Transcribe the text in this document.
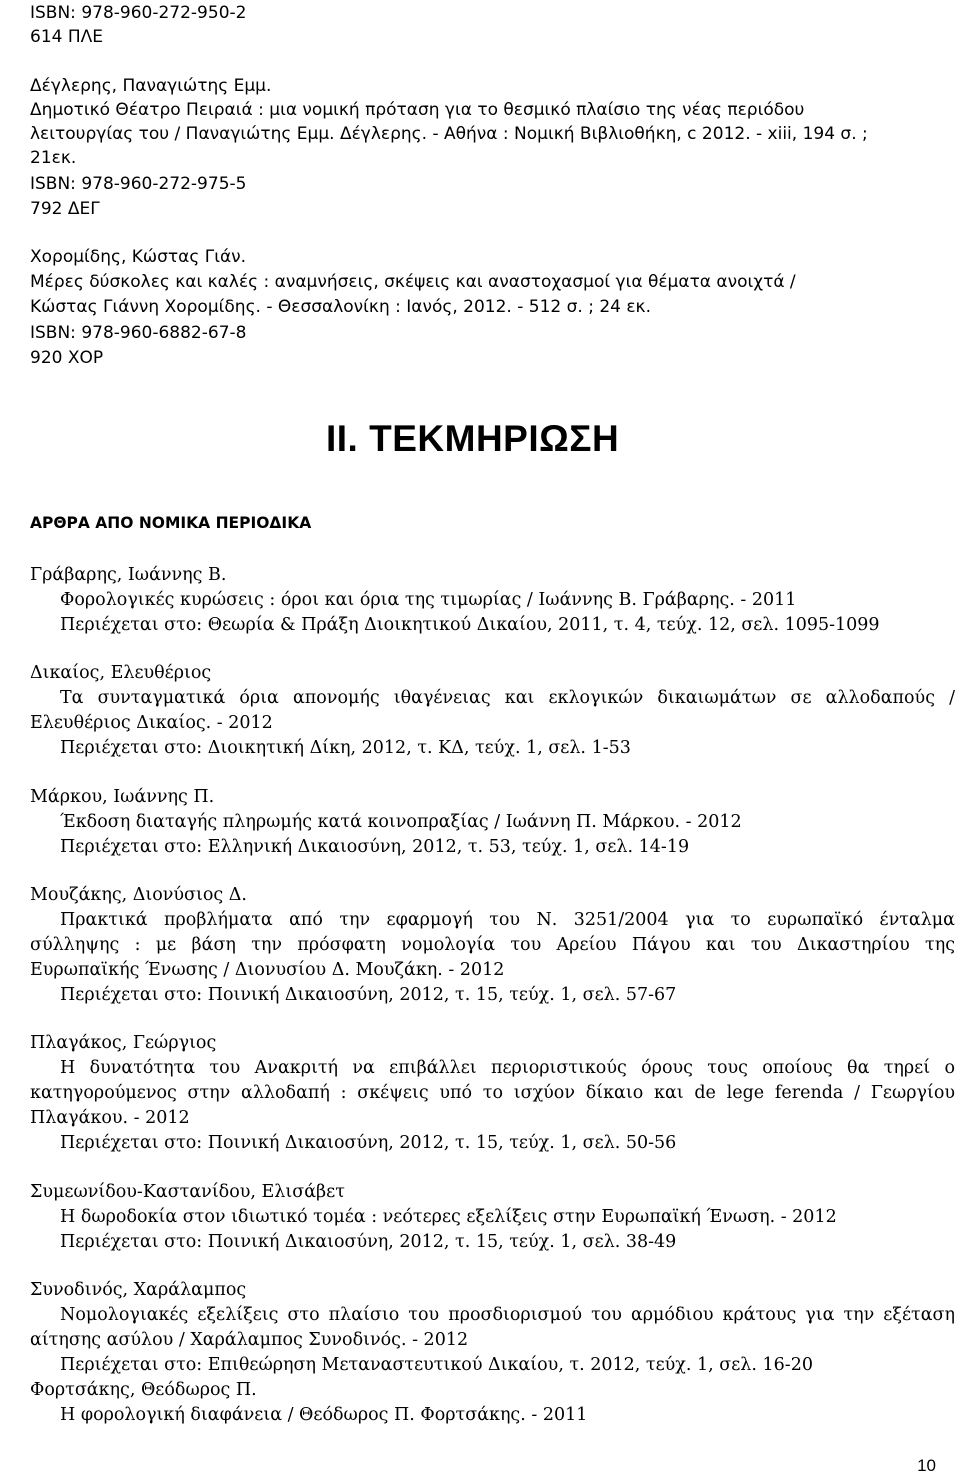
ISBN: 978-960-272-950-2
614 ΠΛΕ
Δέγλερης, Παναγιώτης Εμμ.
Δημοτικό Θέατρο Πειραιά : μια νομική πρόταση για το θεσμικό πλαίσιο της νέας περιόδου
λειτουργίας του / Παναγιώτης Εμμ. Δέγλερης. - Αθήνα : Νομική Βιβλιοθήκη, c 2012. - xiii, 194 σ. ;
21εκ.
ISBN: 978-960-272-975-5
792 ΔΕΓ
Χορομίδης, Κώστας Γιάν.
Μέρες δύσκολες και καλές : αναμνήσεις, σκέψεις και αναστοχασμοί για θέματα ανοιχτά /
Κώστας Γιάννη Χορομίδης. - Θεσσαλονίκη : Ιανός, 2012. - 512 σ. ; 24 εκ.
ISBN: 978-960-6882-67-8
920 ΧΟΡ
ΙΙ. ΤΕΚΜΗΡΙΩΣΗ
ΑΡΘΡΑ ΑΠΟ ΝΟΜΙΚΑ ΠΕΡΙΟΔΙΚΑ
Γράβαρης, Ιωάννης Β.
Φορολογικές κυρώσεις : όροι και όρια της τιμωρίας / Ιωάννης Β. Γράβαρης. - 2011
Περιέχεται στο: Θεωρία & Πράξη Διοικητικού Δικαίου, 2011, τ. 4, τεύχ. 12, σελ. 1095-1099
Δικαίος, Ελευθέριος
Τα συνταγματικά όρια απονομής ιθαγένειας και εκλογικών δικαιωμάτων σε αλλοδαπούς /
Ελευθέριος Δικαίος. - 2012
Περιέχεται στο: Διοικητική Δίκη, 2012, τ. ΚΔ, τεύχ. 1, σελ. 1-53
Μάρκου, Ιωάννης Π.
Έκδοση διαταγής πληρωμής κατά κοινοπραξίας / Ιωάννη Π. Μάρκου. - 2012
Περιέχεται στο: Ελληνική Δικαιοσύνη, 2012, τ. 53, τεύχ. 1, σελ. 14-19
Μουζάκης, Διονύσιος Δ.
Πρακτικά προβλήματα από την εφαρμογή του Ν. 3251/2004 για το ευρωπαϊκό ένταλμα
σύλληψης : με βάση την πρόσφατη νομολογία του Αρείου Πάγου και του Δικαστηρίου της
Ευρωπαϊκής Ένωσης / Διονυσίου Δ. Μουζάκη. - 2012
Περιέχεται στο: Ποινική Δικαιοσύνη, 2012, τ. 15, τεύχ. 1, σελ. 57-67
Πλαγάκος, Γεώργιος
Η δυνατότητα του Ανακριτή να επιβάλλει περιοριστικούς όρους τους οποίους θα τηρεί ο
κατηγορούμενος στην αλλοδαπή : σκέψεις υπό το ισχύον δίκαιο και de lege ferenda / Γεωργίου
Πλαγάκου. - 2012
Περιέχεται στο: Ποινική Δικαιοσύνη, 2012, τ. 15, τεύχ. 1, σελ. 50-56
Συμεωνίδου-Καστανίδου, Ελισάβετ
Η δωροδοκία στον ιδιωτικό τομέα : νεότερες εξελίξεις στην Ευρωπαϊκή Ένωση. - 2012
Περιέχεται στο: Ποινική Δικαιοσύνη, 2012, τ. 15, τεύχ. 1, σελ. 38-49
Συνοδινός, Χαράλαμπος
Νομολογιακές εξελίξεις στο πλαίσιο του προσδιορισμού του αρμόδιου κράτους για την εξέταση
αίτησης ασύλου / Χαράλαμπος Συνοδινός. - 2012
Περιέχεται στο: Επιθεώρηση Μεταναστευτικού Δικαίου, τ. 2012, τεύχ. 1, σελ. 16-20
Φορτσάκης, Θεόδωρος Π.
Η φορολογική διαφάνεια / Θεόδωρος Π. Φορτσάκης. - 2011
10
